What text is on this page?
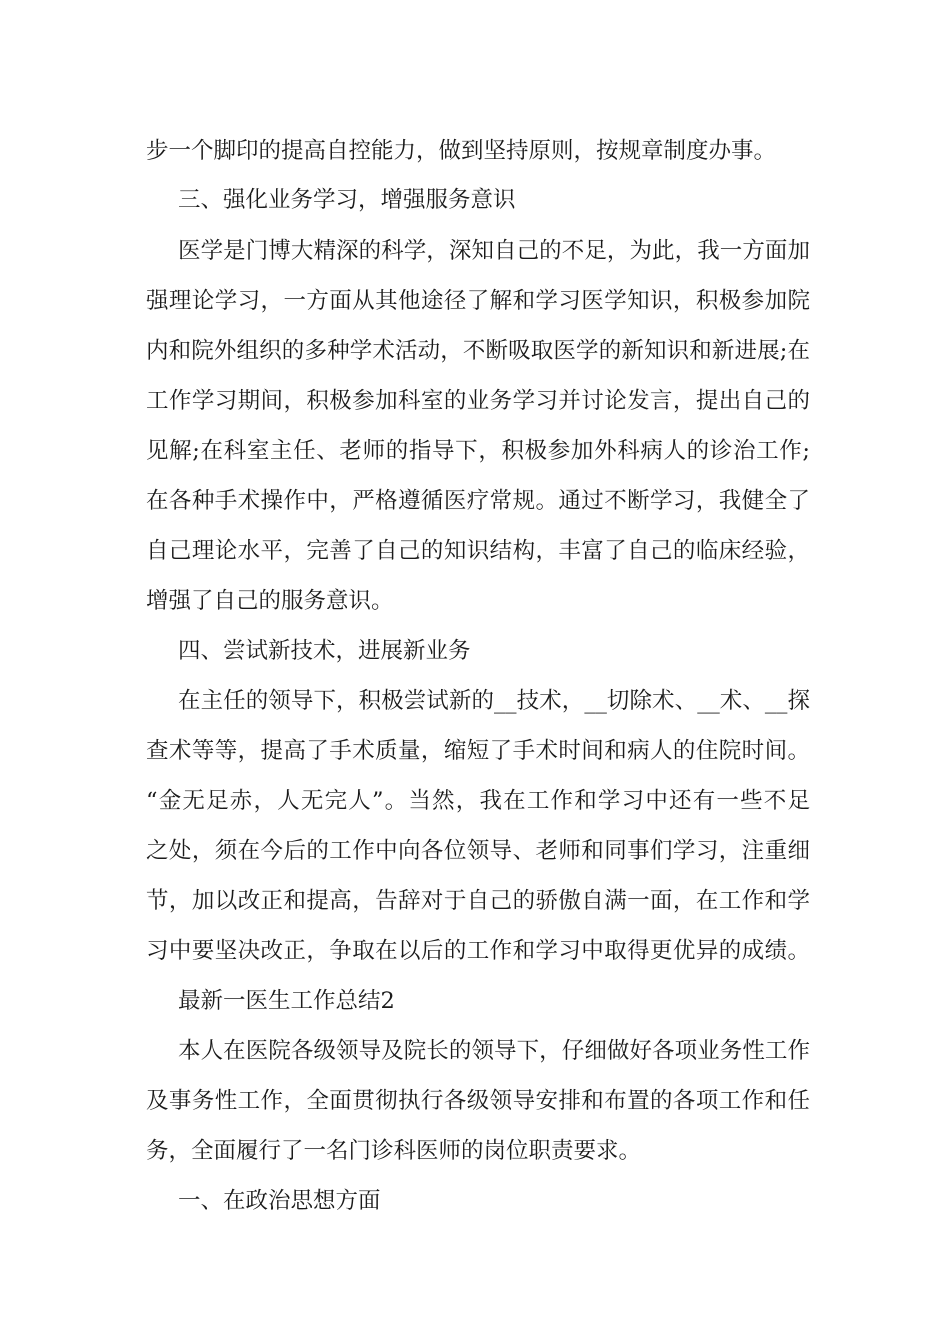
步一个脚印的提高自控能力，做到坚持原则，按规章制度办事。
三、强化业务学习，增强服务意识
医学是门博大精深的科学，深知自己的不足，为此，我一方面加
强理论学习，一方面从其他途径了解和学习医学知识，积极参加院
内和院外组织的多种学术活动，不断吸取医学的新知识和新进展;在
工作学习期间，积极参加科室的业务学习并讨论发言，提出自己的
见解;在科室主任、老师的指导下，积极参加外科病人的诊治工作;
在各种手术操作中，严格遵循医疗常规。通过不断学习，我健全了
自己理论水平，完善了自己的知识结构，丰富了自己的临床经验，
增强了自己的服务意识。
四、尝试新技术，进展新业务
在主任的领导下，积极尝试新的__技术，__切除术、__术、__探
查术等等，提高了手术质量，缩短了手术时间和病人的住院时间。
“金无足赤，人无完人”。当然，我在工作和学习中还有一些不足
之处，须在今后的工作中向各位领导、老师和同事们学习，注重细
节，加以改正和提高，告辞对于自己的骄傲自满一面，在工作和学
习中要坚决改正，争取在以后的工作和学习中取得更优异的成绩。
最新一医生工作总结2
本人在医院各级领导及院长的领导下，仔细做好各项业务性工作
及事务性工作，全面贯彻执行各级领导安排和布置的各项工作和任
务，全面履行了一名门诊科医师的岗位职责要求。
一、在政治思想方面
